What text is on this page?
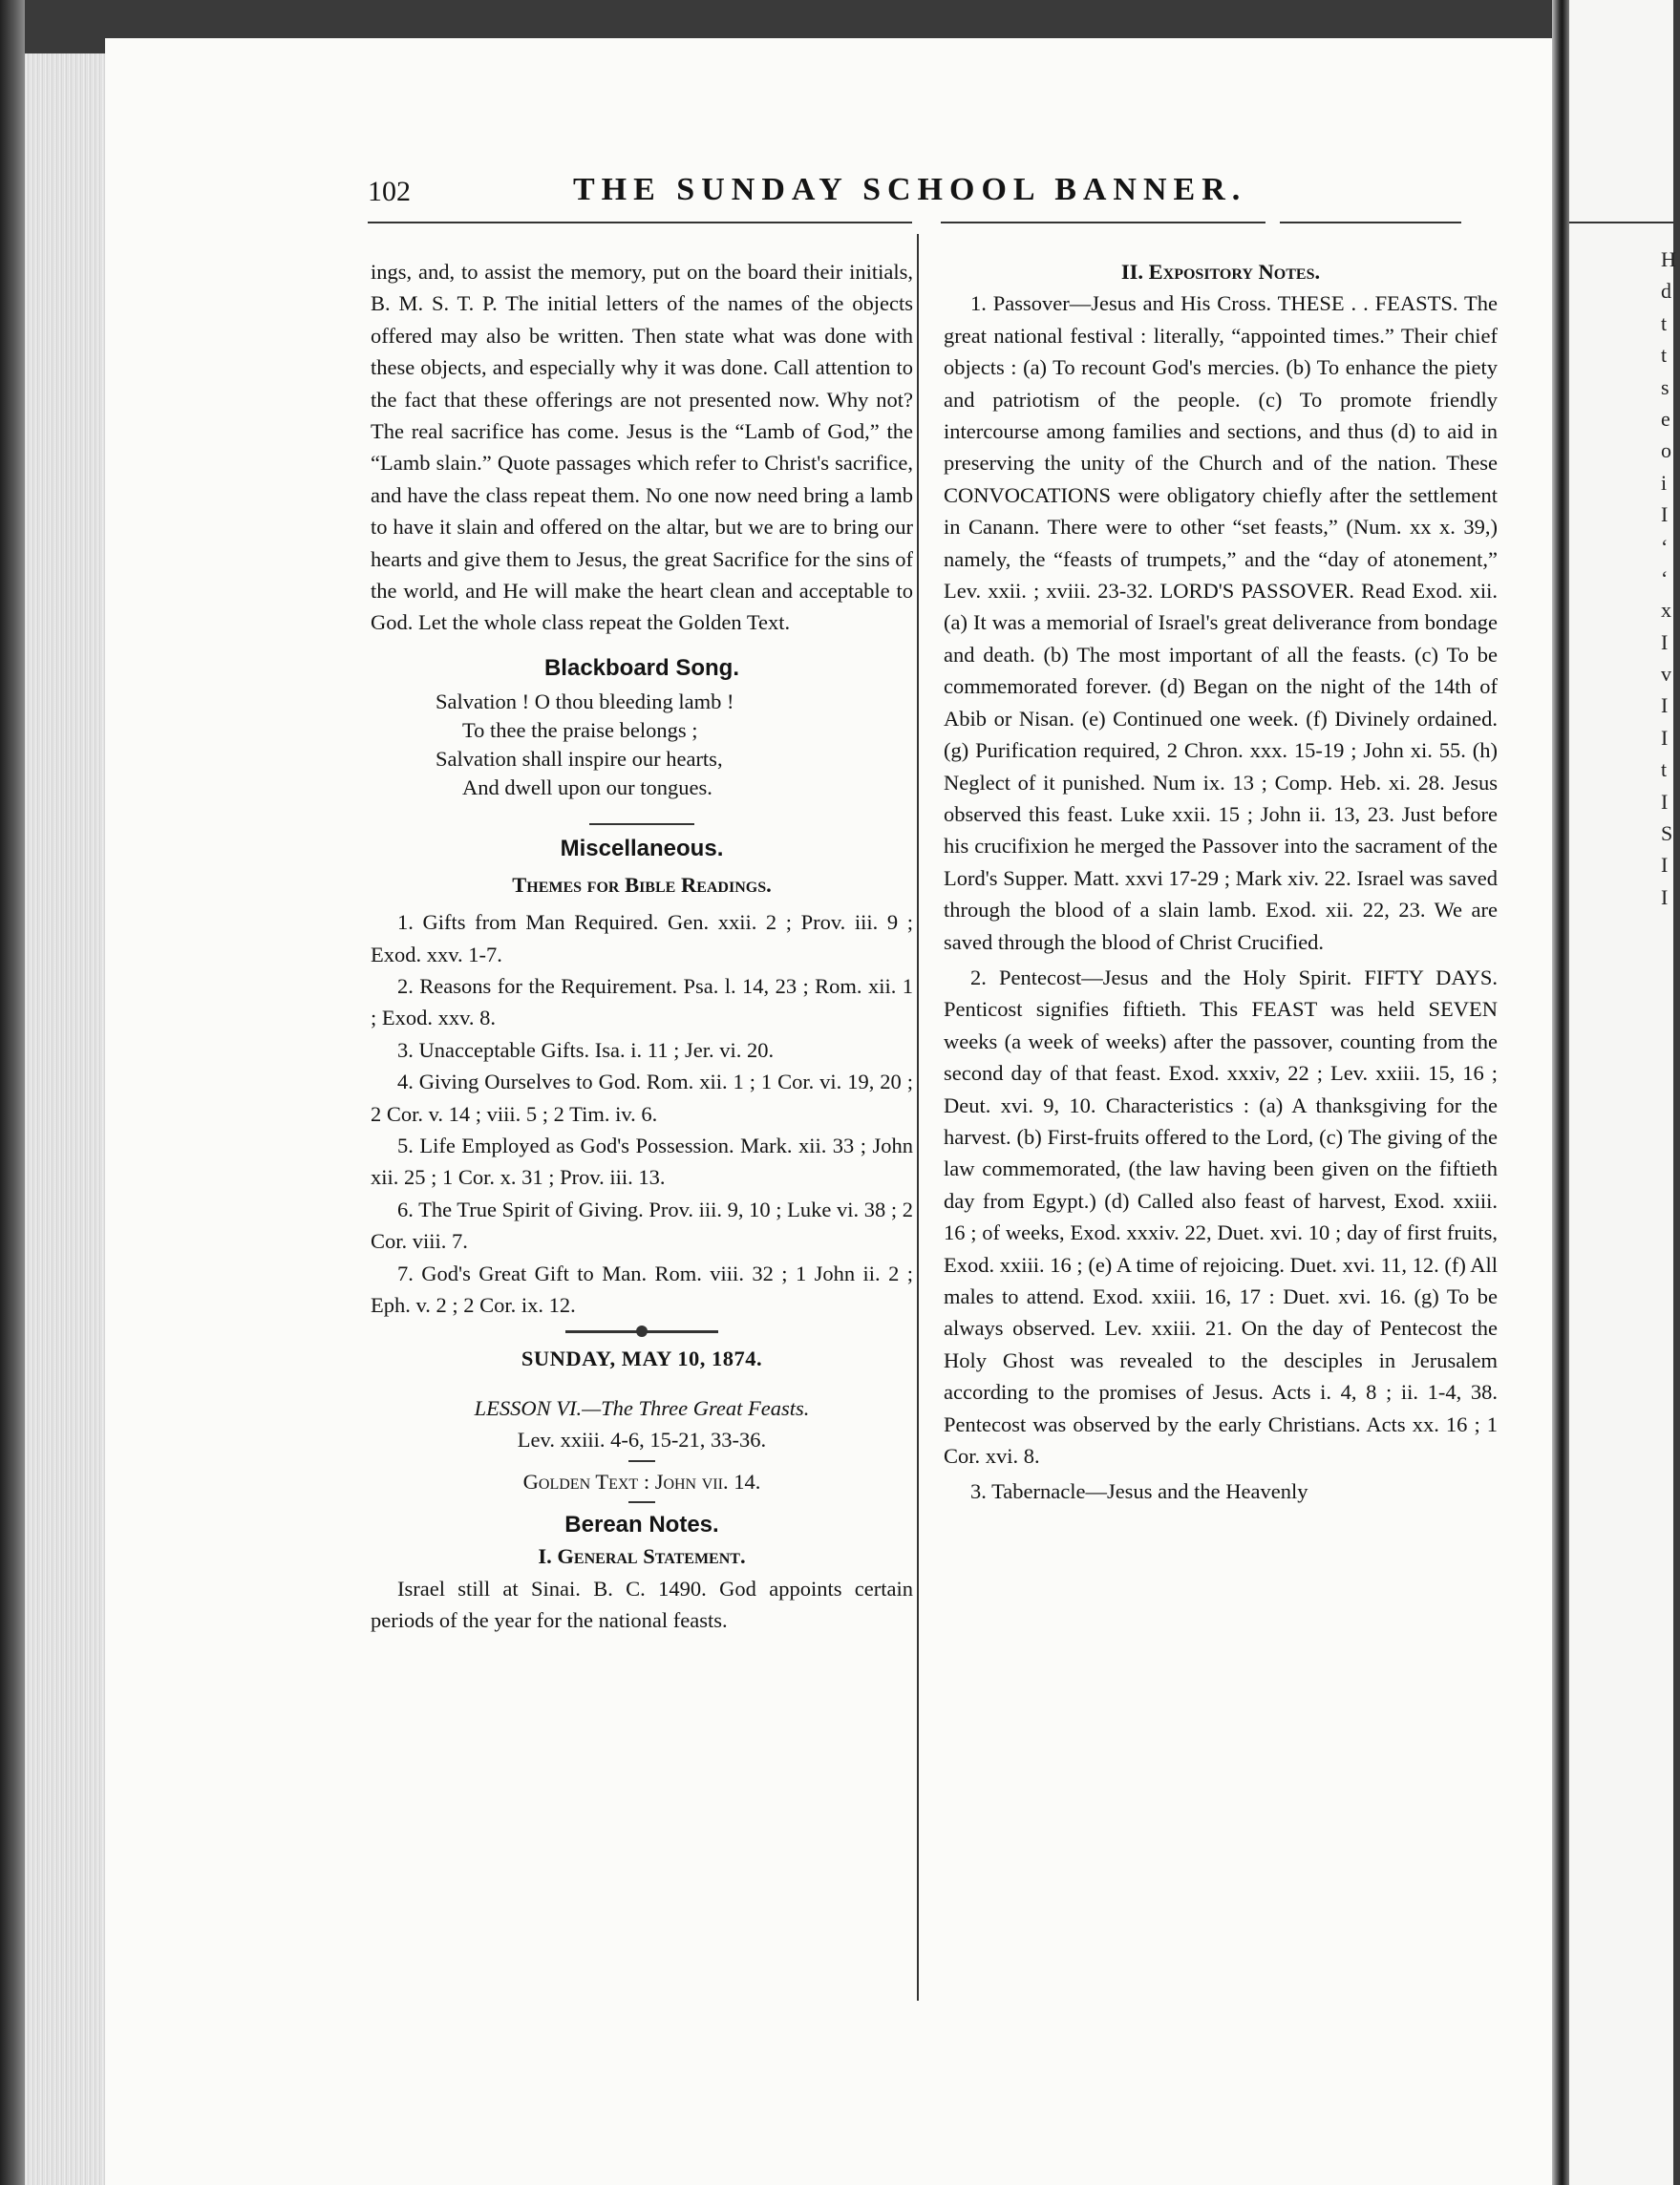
H
d
t
t
s
e
o
i
I
‘
‘
x
I
v
I
I
t
I
S
I
I
102	THE SUNDAY SCHOOL BANNER.

ings, and, to assist the memory, put on the board their initials, B. M. S. T. P. The initial letters of the names of the objects offered may also be written. Then state what was done with these objects, and especially why it was done. Call attention to the fact that these offerings are not presented now. Why not? The real sacrifice has come. Jesus is the “Lamb of God,” the “Lamb slain.” Quote passages which refer to Christ's sacrifice, and have the class repeat them. No one now need bring a lamb to have it slain and offered on the altar, but we are to bring our hearts and give them to Jesus, the great Sacrifice for the sins of the world, and He will make the heart clean and acceptable to God. Let the whole class repeat the Golden Text.

Blackboard Song.
Salvation ! O thou bleeding lamb !
To thee the praise belongs ;
Salvation shall inspire our hearts,
And dwell upon our tongues.
Miscellaneous.
Themes for Bible Readings.

1. Gifts from Man Required. Gen. xxii. 2 ; Prov. iii. 9 ; Exod. xxv. 1-7.

2. Reasons for the Requirement. Psa. l. 14, 23 ; Rom. xii. 1 ; Exod. xxv. 8.

3. Unacceptable Gifts. Isa. i. 11 ; Jer. vi. 20.

4. Giving Ourselves to God. Rom. xii. 1 ; 1 Cor. vi. 19, 20 ; 2 Cor. v. 14 ; viii. 5 ; 2 Tim. iv. 6.

5. Life Employed as God's Possession. Mark. xii. 33 ; John xii. 25 ; 1 Cor. x. 31 ; Prov. iii. 13.

6. The True Spirit of Giving. Prov. iii. 9, 10 ; Luke vi. 38 ; 2 Cor. viii. 7.

7. God's Great Gift to Man. Rom. viii. 32 ; 1 John ii. 2 ; Eph. v. 2 ; 2 Cor. ix. 12.

SUNDAY, MAY 10, 1874.
LESSON VI.—The Three Great Feasts.
Lev. xxiii. 4-6, 15-21, 33-36.
Golden Text : John vii. 14.
Berean Notes.
I. General Statement.

Israel still at Sinai. B. C. 1490. God appoints certain periods of the year for the national feasts.

II. Expository Notes.

1. Passover—Jesus and His Cross. THESE . . FEASTS. The great national festival : literally, “appointed times.” Their chief objects : (a) To recount God's mercies. (b) To enhance the piety and patriotism of the people. (c) To promote friendly intercourse among families and sections, and thus (d) to aid in preserving the unity of the Church and of the nation. These CONVOCATIONS were obligatory chiefly after the settlement in Canann. There were to other “set feasts,” (Num. xx x. 39,) namely, the “feasts of trumpets,” and the “day of atonement,” Lev. xxii. ; xviii. 23-32. LORD'S PASSOVER. Read Exod. xii. (a) It was a memorial of Israel's great deliverance from bondage and death. (b) The most important of all the feasts. (c) To be commemorated forever. (d) Began on the night of the 14th of Abib or Nisan. (e) Continued one week. (f) Divinely ordained. (g) Purification required, 2 Chron. xxx. 15-19 ; John xi. 55. (h) Neglect of it punished. Num ix. 13 ; Comp. Heb. xi. 28. Jesus observed this feast. Luke xxii. 15 ; John ii. 13, 23. Just before his crucifixion he merged the Passover into the sacrament of the Lord's Supper. Matt. xxvi 17-29 ; Mark xiv. 22. Israel was saved through the blood of a slain lamb. Exod. xii. 22, 23. We are saved through the blood of Christ Crucified.

2. Pentecost—Jesus and the Holy Spirit. FIFTY DAYS. Penticost signifies fiftieth. This FEAST was held SEVEN weeks (a week of weeks) after the passover, counting from the second day of that feast. Exod. xxxiv, 22 ; Lev. xxiii. 15, 16 ; Deut. xvi. 9, 10. Characteristics : (a) A thanksgiving for the harvest. (b) First-fruits offered to the Lord, (c) The giving of the law commemorated, (the law having been given on the fiftieth day from Egypt.) (d) Called also feast of harvest, Exod. xxiii. 16 ; of weeks, Exod. xxxiv. 22, Duet. xvi. 10 ; day of first fruits, Exod. xxiii. 16 ; (e) A time of rejoicing. Duet. xvi. 11, 12. (f) All males to attend. Exod. xxiii. 16, 17 : Duet. xvi. 16. (g) To be always observed. Lev. xxiii. 21. On the day of Pentecost the Holy Ghost was revealed to the desciples in Jerusalem according to the promises of Jesus. Acts i. 4, 8 ; ii. 1-4, 38. Pentecost was observed by the early Christians. Acts xx. 16 ; 1 Cor. xvi. 8.

3. Tabernacle—Jesus and the Heavenly
